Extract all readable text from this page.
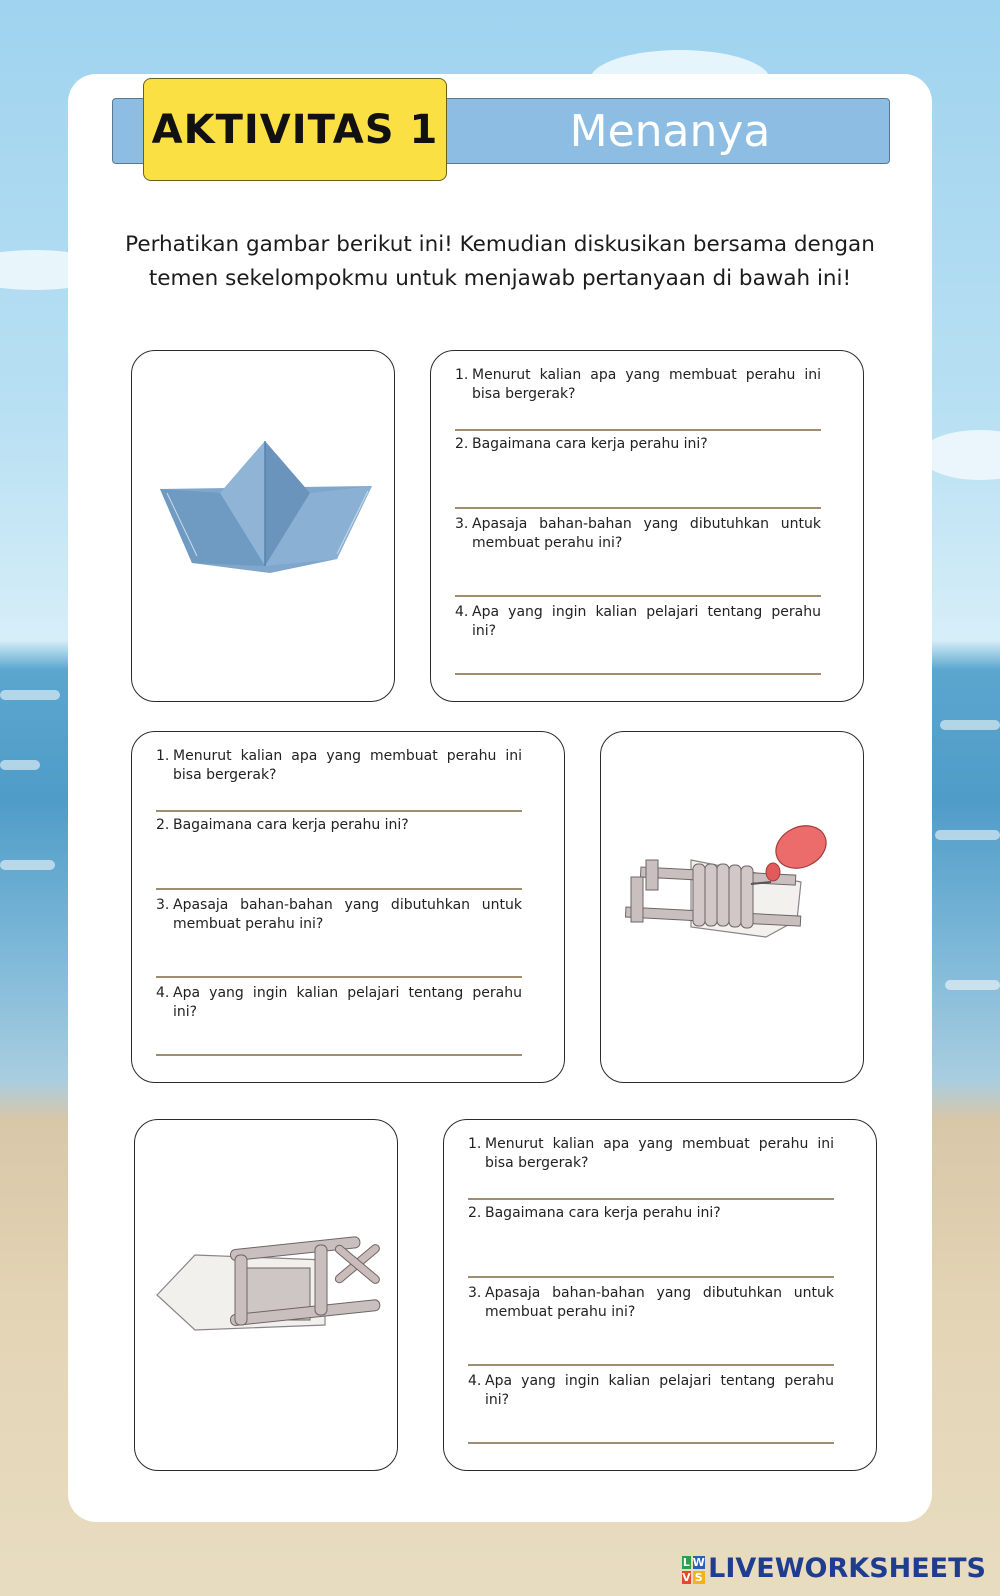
Menanya
AKTIVITAS 1
Perhatikan gambar berikut ini! Kemudian diskusikan bersama dengan
temen sekelompokmu untuk menjawab pertanyaan di bawah ini!
1. Menurut kalian apa yang membuat perahu ini bisa bergerak?
2. Bagaimana cara kerja perahu ini?
3. Apasaja bahan-bahan yang dibutuhkan untuk membuat perahu ini?
4. Apa yang ingin kalian pelajari tentang perahu ini?
1. Menurut kalian apa yang membuat perahu ini bisa bergerak?
2. Bagaimana cara kerja perahu ini?
3. Apasaja bahan-bahan yang dibutuhkan untuk membuat perahu ini?
4. Apa yang ingin kalian pelajari tentang perahu ini?
1. Menurut kalian apa yang membuat perahu ini bisa bergerak?
2. Bagaimana cara kerja perahu ini?
3. Apasaja bahan-bahan yang dibutuhkan untuk membuat perahu ini?
4. Apa yang ingin kalian pelajari tentang perahu ini?
L W
V S LIVEWORKSHEETS
